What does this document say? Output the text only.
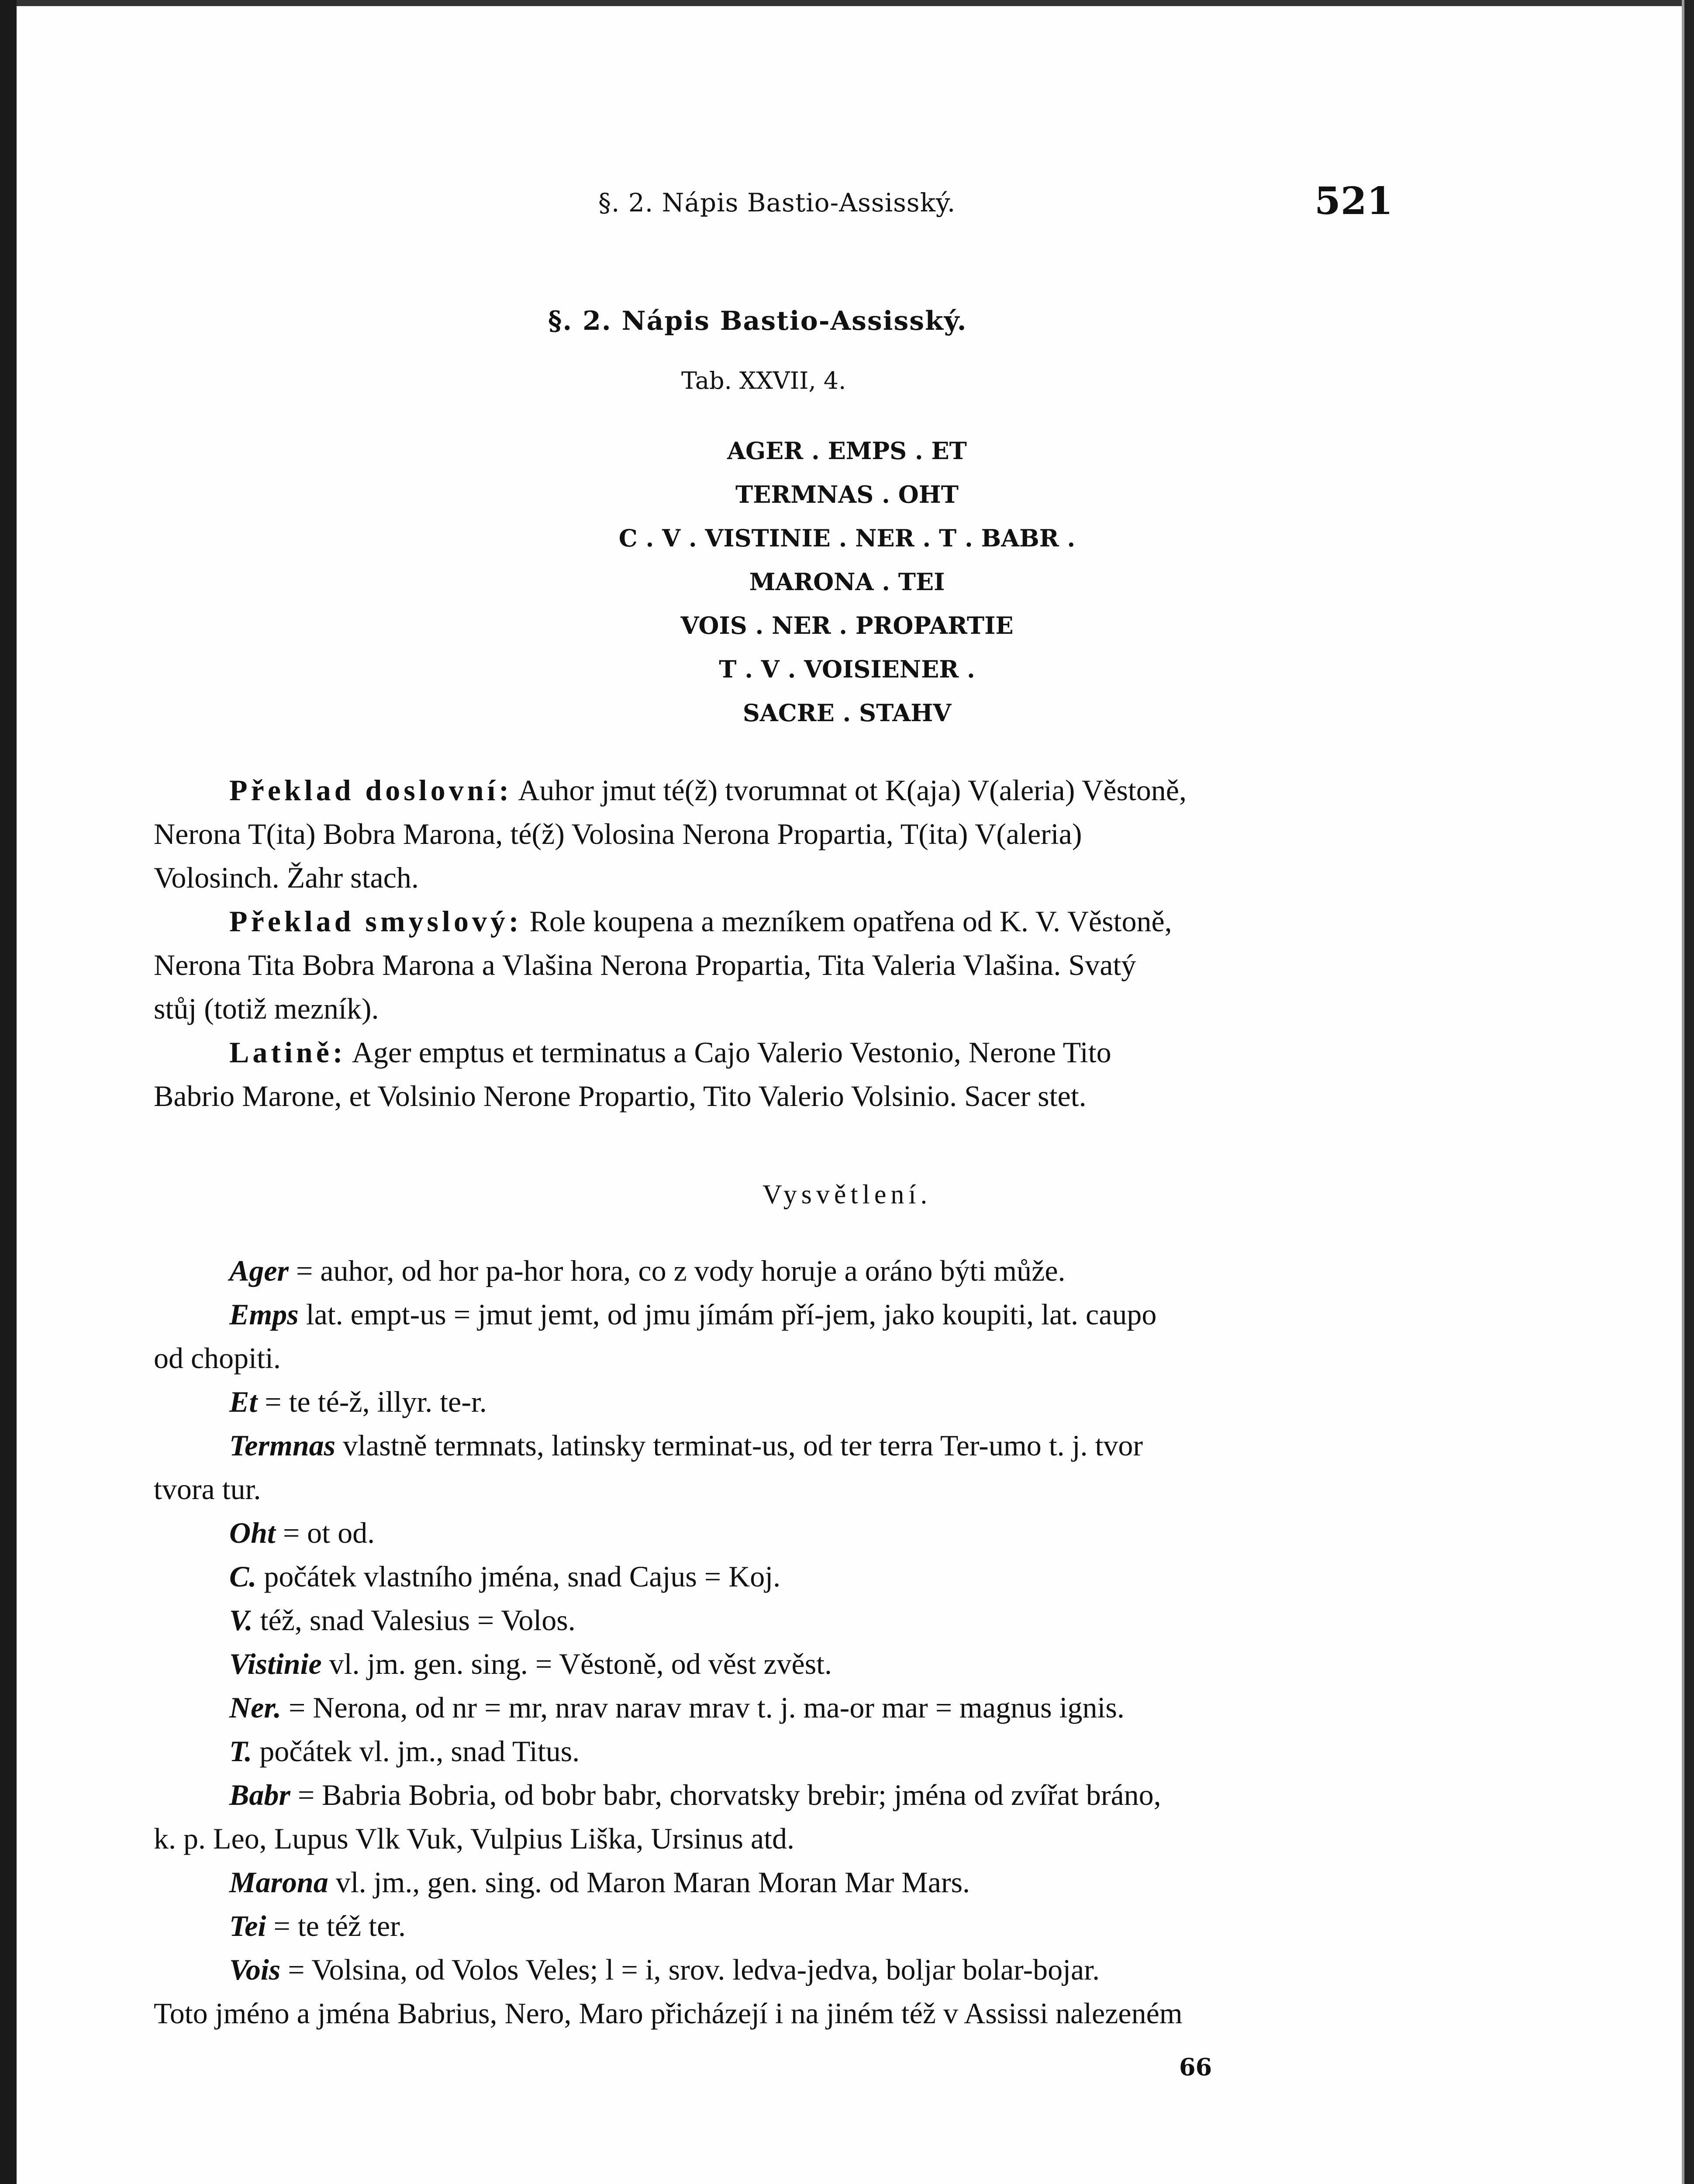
§. 2. Nápis Bastio-Assisský.	521
§. 2. Nápis Bastio-Assisský.
Tab. XXVII, 4.
AGER . EMPS . ET
TERMNAS . OHT
C . V . VISTINIE . NER . T . BABR .
MARONA . TEI
VOIS . NER . PROPARTIE
T . V . VOISIENER .
SACRE . STAHV
Překlad doslovní: Auhor jmut té(ž) tvorumnat ot K(aja) V(aleria) Věstoně,
Nerona T(ita) Bobra Marona, té(ž) Volosina Nerona Propartia, T(ita) V(aleria)
Volosinch. Žahr stach.
Překlad smyslový: Role koupena a mezníkem opatřena od K. V. Věstoně,
Nerona Tita Bobra Marona a Vlašina Nerona Propartia, Tita Valeria Vlašina. Svatý
stůj (totiž mezník).
Latině: Ager emptus et terminatus a Cajo Valerio Vestonio, Nerone Tito
Babrio Marone, et Volsinio Nerone Propartio, Tito Valerio Volsinio. Sacer stet.
Vysvětlení.
Ager = auhor, od hor pa-hor hora, co z vody horuje a oráno býti může.
Emps lat. empt-us = jmut jemt, od jmu jímám pří-jem, jako koupiti, lat. caupo
od chopiti.
Et = te té-ž, illyr. te-r.
Termnas vlastně termnats, latinsky terminat-us, od ter terra Ter-umo t. j. tvor
tvora tur.
Oht = ot od.
C. počátek vlastního jména, snad Cajus = Koj.
V. též, snad Valesius = Volos.
Vistinie vl. jm. gen. sing. = Věstoně, od věst zvěst.
Ner. = Nerona, od nr = mr, nrav narav mrav t. j. ma-or mar = magnus ignis.
T. počátek vl. jm., snad Titus.
Babr = Babria Bobria, od bobr babr, chorvatsky brebir; jména od zvířat bráno,
k. p. Leo, Lupus Vlk Vuk, Vulpius Liška, Ursinus atd.
Marona vl. jm., gen. sing. od Maron Maran Moran Mar Mars.
Tei = te též ter.
Vois = Volsina, od Volos Veles; l = i, srov. ledva-jedva, boljar bolar-bojar.
Toto jméno a jména Babrius, Nero, Maro přicházejí i na jiném též v Assissi nalezeném
66
